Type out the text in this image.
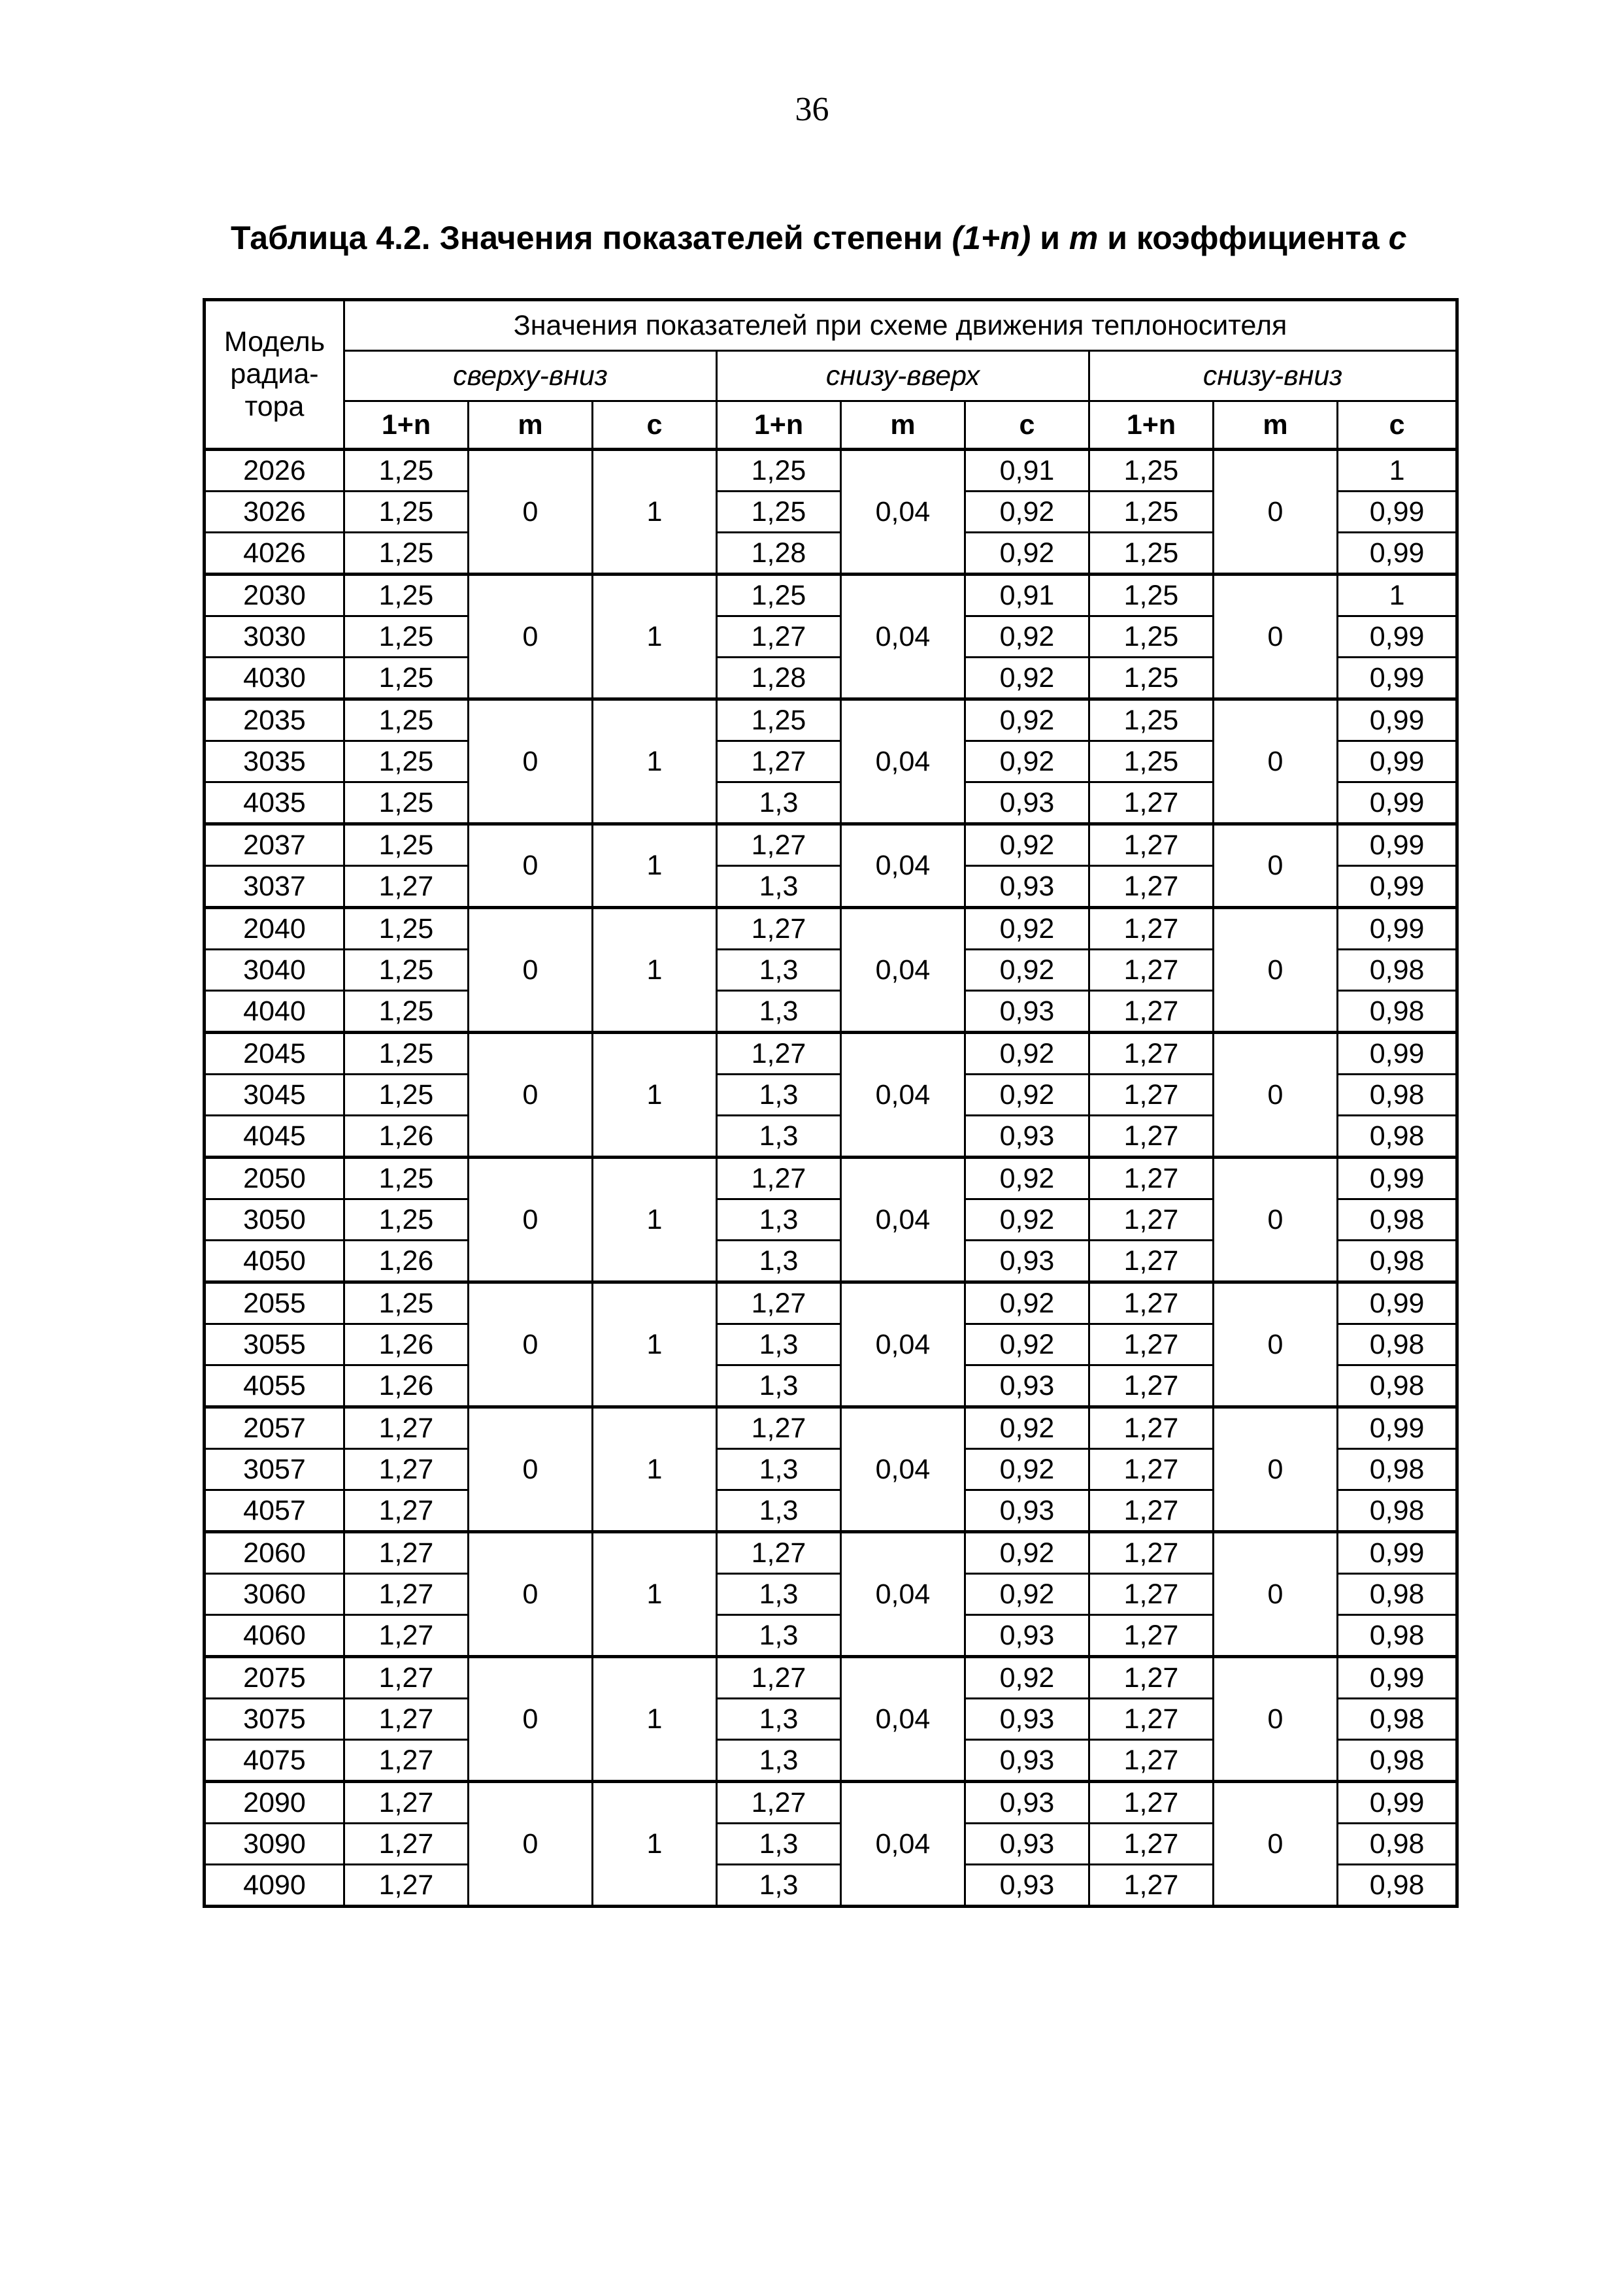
36
Таблица 4.2. Значения показателей степени (1+n) и m и коэффициента c
Модель
радиа-
тора	Значения показателей при схеме движения теплоносителя								
	сверху-вниз			снизу-вверх			снизу-вниз		
	1+n	m	c	1+n	m	c	1+n	m	c
2026	1,25	0	1	1,25	0,04	0,91	1,25	0	1
3026	1,25			1,25		0,92	1,25		0,99
4026	1,25			1,28		0,92	1,25		0,99
2030	1,25	0	1	1,25	0,04	0,91	1,25	0	1
3030	1,25			1,27		0,92	1,25		0,99
4030	1,25			1,28		0,92	1,25		0,99
2035	1,25	0	1	1,25	0,04	0,92	1,25	0	0,99
3035	1,25			1,27		0,92	1,25		0,99
4035	1,25			1,3		0,93	1,27		0,99
2037	1,25	0	1	1,27	0,04	0,92	1,27	0	0,99
3037	1,27			1,3		0,93	1,27		0,99
2040	1,25	0	1	1,27	0,04	0,92	1,27	0	0,99
3040	1,25			1,3		0,92	1,27		0,98
4040	1,25			1,3		0,93	1,27		0,98
2045	1,25	0	1	1,27	0,04	0,92	1,27	0	0,99
3045	1,25			1,3		0,92	1,27		0,98
4045	1,26			1,3		0,93	1,27		0,98
2050	1,25	0	1	1,27	0,04	0,92	1,27	0	0,99
3050	1,25			1,3		0,92	1,27		0,98
4050	1,26			1,3		0,93	1,27		0,98
2055	1,25	0	1	1,27	0,04	0,92	1,27	0	0,99
3055	1,26			1,3		0,92	1,27		0,98
4055	1,26			1,3		0,93	1,27		0,98
2057	1,27	0	1	1,27	0,04	0,92	1,27	0	0,99
3057	1,27			1,3		0,92	1,27		0,98
4057	1,27			1,3		0,93	1,27		0,98
2060	1,27	0	1	1,27	0,04	0,92	1,27	0	0,99
3060	1,27			1,3		0,92	1,27		0,98
4060	1,27			1,3		0,93	1,27		0,98
2075	1,27	0	1	1,27	0,04	0,92	1,27	0	0,99
3075	1,27			1,3		0,93	1,27		0,98
4075	1,27			1,3		0,93	1,27		0,98
2090	1,27	0	1	1,27	0,04	0,93	1,27	0	0,99
3090	1,27			1,3		0,93	1,27		0,98
4090	1,27			1,3		0,93	1,27		0,98
